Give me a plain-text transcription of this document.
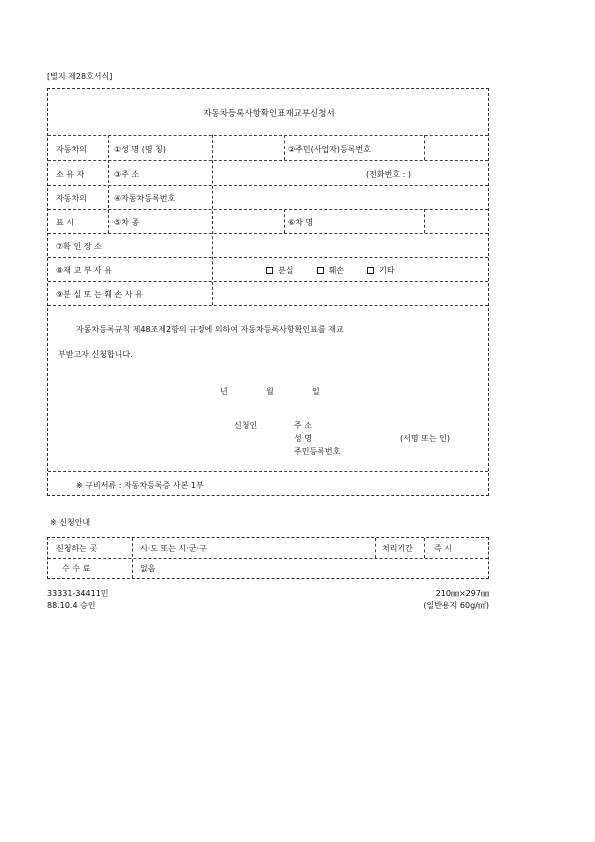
[별지 제28호서식]
자동차등록사항확인표재교부신청서
자동차의
소 유 자
①성 명 (명 칭)	②주민(사업자)등록번호
③주 소	(전화번호 : )
자동차의
표 시
④자동차등록번호
⑤차 종	⑥차 명
⑦확 인 장 소
⑧재 교 부 사 유	분실	훼손	기타
⑨분 실 또 는 훼 손 사 유
자동차등록규칙 제48조제2항의 규정에 의하여 자동차등록사항확인표를 재교
부받고자 신청합니다.
년	월	일
신청인	주 소
성 명
주민등록번호
(서명 또는 인)
※ 구비서류 : 자동차등록증 사본 1부
※ 신청안내
신청하는 곳	시·도 또는 시·군·구	처리기간	즉 시
수 수 료	없음
33331-34411민
88.10.4 승인
210㎜×297㎜
(일반용지 60g/㎡)
